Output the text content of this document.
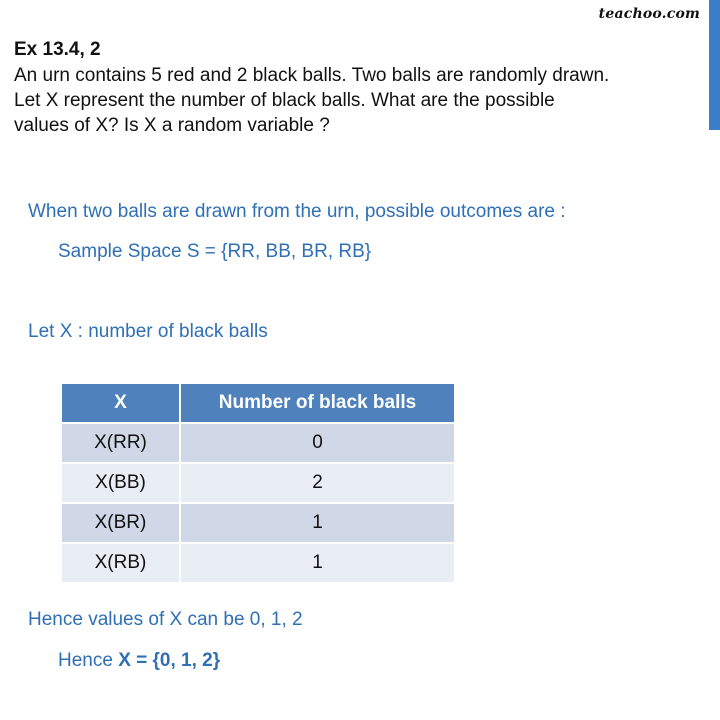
teachoo.com
Ex 13.4, 2
An urn contains 5 red and 2 black balls. Two balls are randomly drawn.
Let X represent the number of black balls. What are the possible
values of X? Is X a random variable ?
When two balls are drawn from the urn, possible outcomes are :
Sample Space S = {RR, BB, BR, RB}
Let X : number of black balls
X	Number of black balls
X(RR)	0
X(BB)	2
X(BR)	1
X(RB)	1
Hence values of X can be 0, 1, 2
Hence X = {0, 1, 2}
